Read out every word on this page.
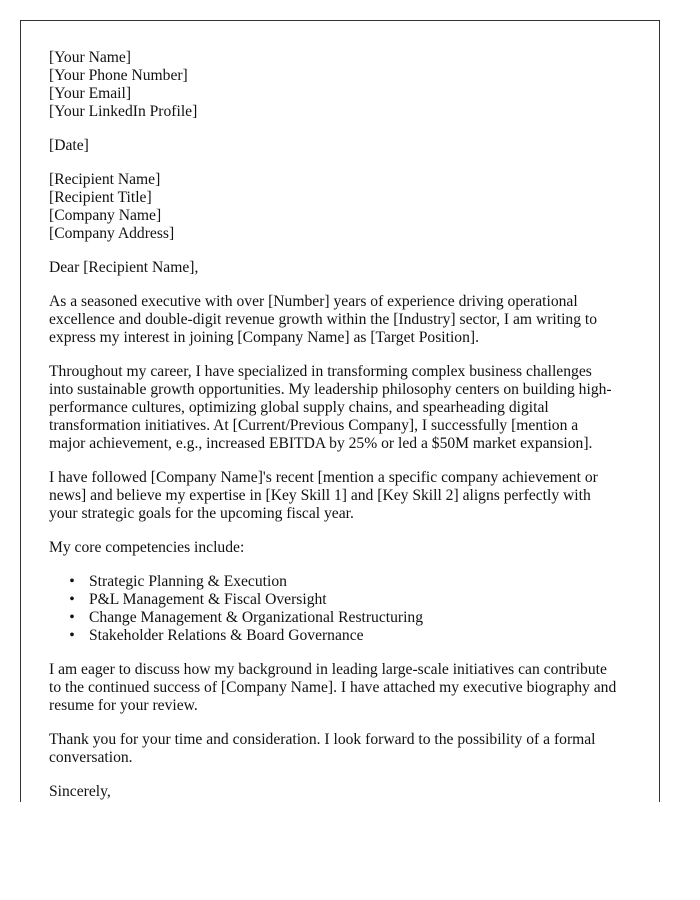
[Your Name]
[Your Phone Number]
[Your Email]
[Your LinkedIn Profile]
[Date]
[Recipient Name]
[Recipient Title]
[Company Name]
[Company Address]

Dear [Recipient Name],

As a seasoned executive with over [Number] years of experience driving operational
excellence and double-digit revenue growth within the [Industry] sector, I am writing to
express my interest in joining [Company Name] as [Target Position].

Throughout my career, I have specialized in transforming complex business challenges
into sustainable growth opportunities. My leadership philosophy centers on building high-
performance cultures, optimizing global supply chains, and spearheading digital
transformation initiatives. At [Current/Previous Company], I successfully [mention a
major achievement, e.g., increased EBITDA by 25% or led a $50M market expansion].

I have followed [Company Name]'s recent [mention a specific company achievement or
news] and believe my expertise in [Key Skill 1] and [Key Skill 2] aligns perfectly with
your strategic goals for the upcoming fiscal year.

My core competencies include:

• Strategic Planning & Execution
• P&L Management & Fiscal Oversight
• Change Management & Organizational Restructuring
• Stakeholder Relations & Board Governance

I am eager to discuss how my background in leading large-scale initiatives can contribute
to the continued success of [Company Name]. I have attached my executive biography and
resume for your review.

Thank you for your time and consideration. I look forward to the possibility of a formal
conversation.

Sincerely,
